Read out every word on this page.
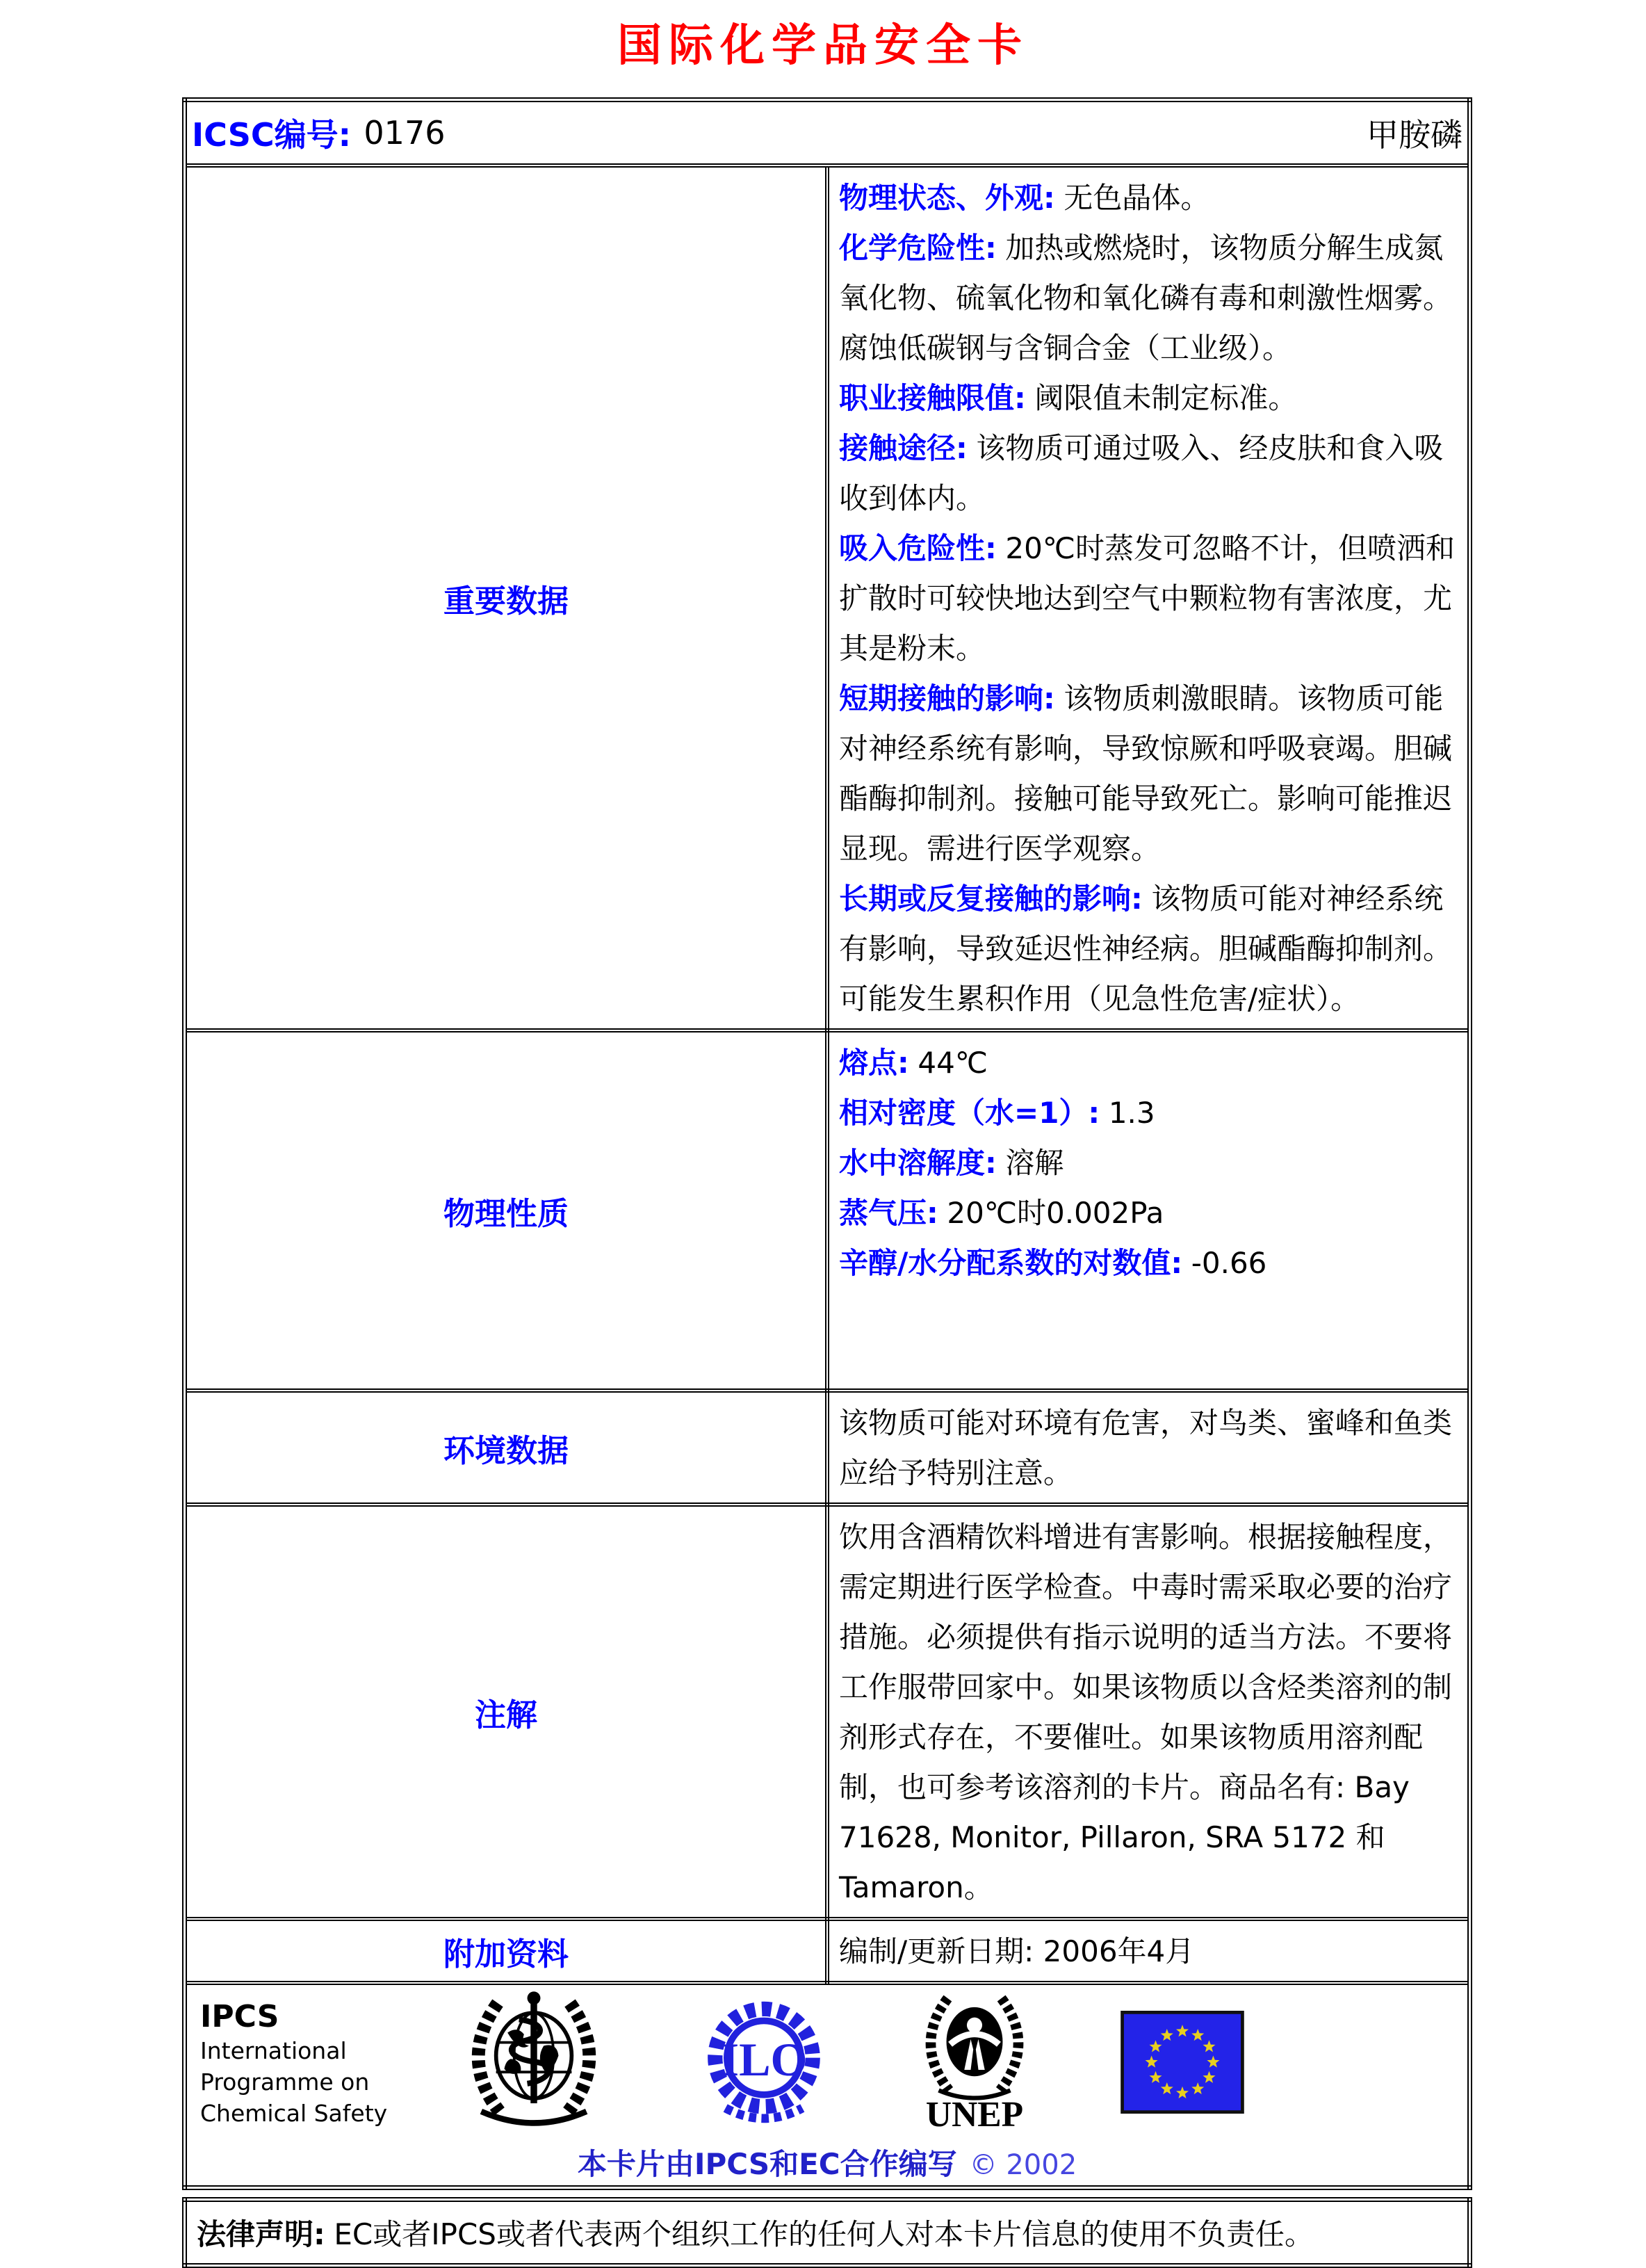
国际化学品安全卡
ICSC编号: 0176 甲胺磷	

重要数据	
物理状态、外观: 无色晶体。
化学危险性: 加热或燃烧时，该物质分解生成氮氧化物、硫氧化物和氧化磷有毒和刺激性烟雾。腐蚀低碳钢与含铜合金（工业级）。
职业接触限值: 阈限值未制定标准。
接触途径: 该物质可通过吸入、经皮肤和食入吸收到体内。
吸入危险性: 20℃时蒸发可忽略不计，但喷洒和扩散时可较快地达到空气中颗粒物有害浓度，尤其是粉末。
短期接触的影响: 该物质刺激眼睛。该物质可能对神经系统有影响，导致惊厥和呼吸衰竭。胆碱酯酶抑制剂。接触可能导致死亡。影响可能推迟显现。需进行医学观察。
长期或反复接触的影响: 该物质可能对神经系统有影响，导致延迟性神经病。胆碱酯酶抑制剂。可能发生累积作用（见急性危害/症状）。

物理性质	熔点: 44℃
相对密度（水=1）: 1.3
水中溶解度: 溶解
蒸气压: 20℃时0.002Pa
辛醇/水分配系数的对数值: -0.66

环境数据	该物质可能对环境有危害，对鸟类、蜜峰和鱼类应给予特别注意。
注解	饮用含酒精饮料增进有害影响。根据接触程度，需定期进行医学检查。中毒时需采取必要的治疗措施。必须提供有指示说明的适当方法。不要将工作服带回家中。如果该物质以含烃类溶剂的制剂形式存在，不要催吐。如果该物质用溶剂配制，也可参考该溶剂的卡片。商品名有: Bay 71628, Monitor, Pillaron, SRA 5172 和 Tamaron。
附加资料	编制/更新日期: 2006年4月

IPCS
International
Programme on
Chemical Safety
ILO
UNEP
本卡片由IPCS和EC合作编写 © 2002
法律声明: EC或者IPCS或者代表两个组织工作的任何人对本卡片信息的使用不负责任。
